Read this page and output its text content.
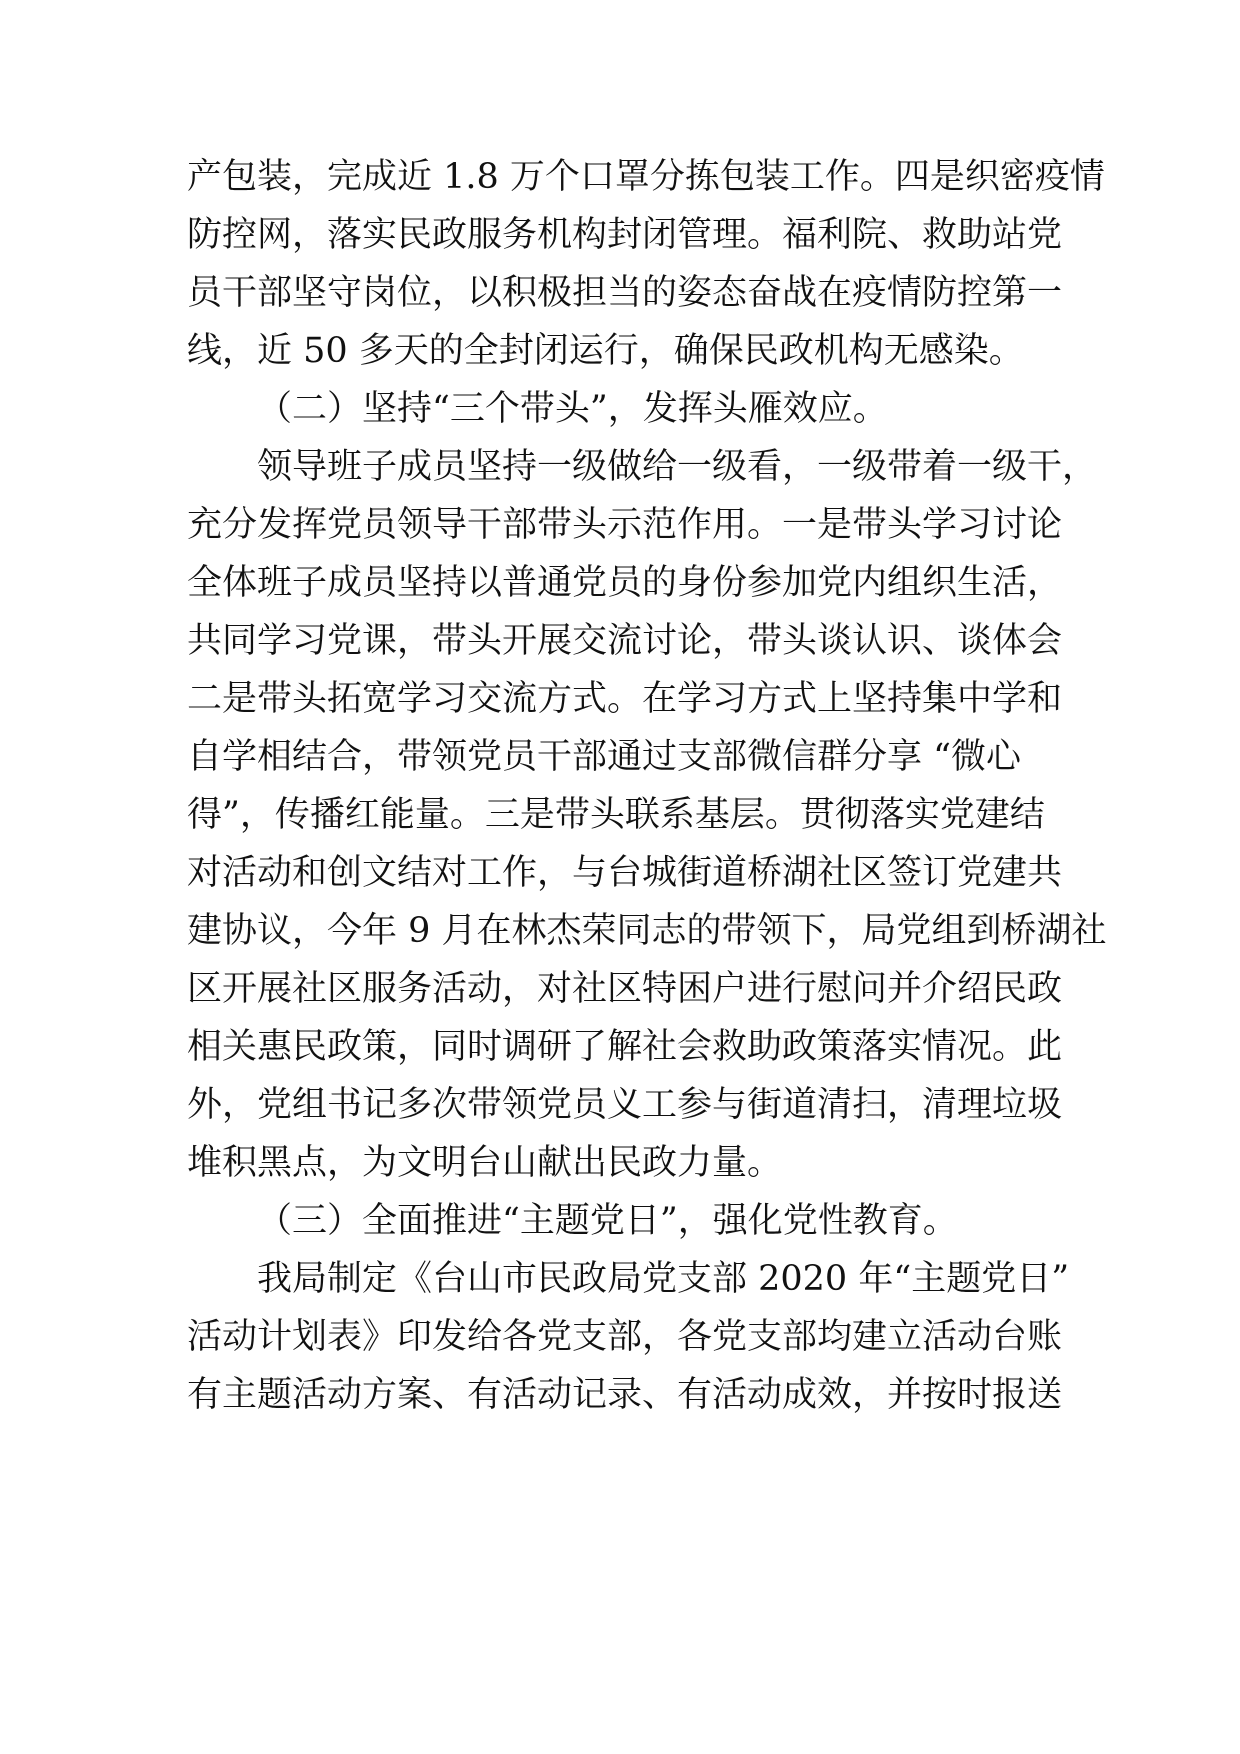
产包装，完成近 1.8 万个口罩分拣包装工作。四是织密疫情
防控网，落实民政服务机构封闭管理。福利院、救助站党
员干部坚守岗位，以积极担当的姿态奋战在疫情防控第一
线，近 50 多天的全封闭运行，确保民政机构无感染。
（二）坚持“三个带头”，发挥头雁效应。
领导班子成员坚持一级做给一级看，一级带着一级干，
充分发挥党员领导干部带头示范作用。一是带头学习讨论
全体班子成员坚持以普通党员的身份参加党内组织生活，
共同学习党课，带头开展交流讨论，带头谈认识、谈体会
二是带头拓宽学习交流方式。在学习方式上坚持集中学和
自学相结合，带领党员干部通过支部微信群分享 “微心
得”，传播红能量。三是带头联系基层。贯彻落实党建结
对活动和创文结对工作，与台城街道桥湖社区签订党建共
建协议，今年 9 月在林杰荣同志的带领下，局党组到桥湖社
区开展社区服务活动，对社区特困户进行慰问并介绍民政
相关惠民政策，同时调研了解社会救助政策落实情况。此
外，党组书记多次带领党员义工参与街道清扫，清理垃圾
堆积黑点，为文明台山献出民政力量。
（三）全面推进“主题党日”，强化党性教育。
我局制定《台山市民政局党支部 2020 年“主题党日”
活动计划表》印发给各党支部，各党支部均建立活动台账
有主题活动方案、有活动记录、有活动成效，并按时报送
